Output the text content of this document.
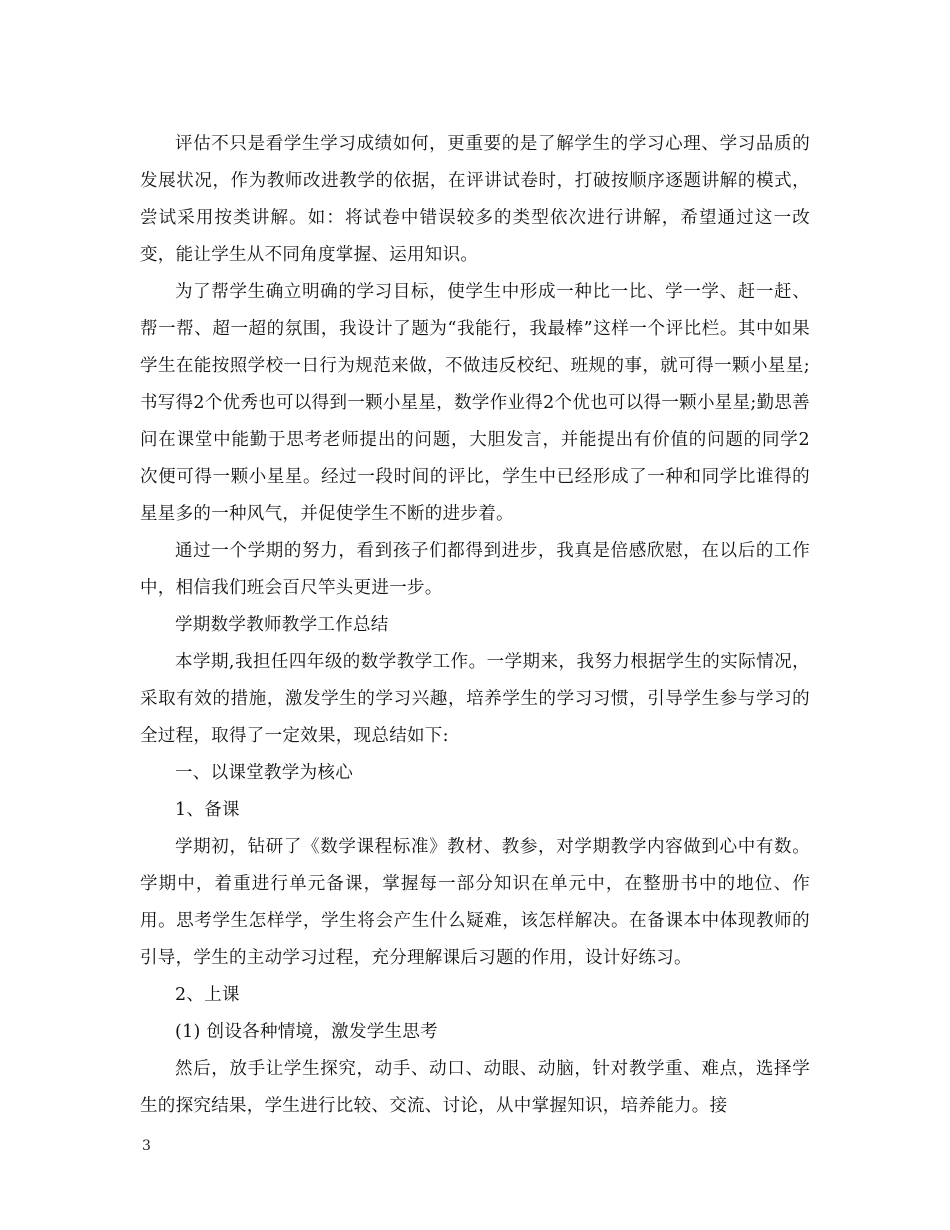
评估不只是看学生学习成绩如何，更重要的是了解学生的学习心理、学习品质的发展状况，作为教师改进教学的依据，在评讲试卷时，打破按顺序逐题讲解的模式，尝试采用按类讲解。如：将试卷中错误较多的类型依次进行讲解，希望通过这一改变，能让学生从不同角度掌握、运用知识。

为了帮学生确立明确的学习目标，使学生中形成一种比一比、学一学、赶一赶、帮一帮、超一超的氛围，我设计了题为“我能行，我最棒”这样一个评比栏。其中如果学生在能按照学校一日行为规范来做，不做违反校纪、班规的事，就可得一颗小星星;书写得2个优秀也可以得到一颗小星星，数学作业得2个优也可以得一颗小星星;勤思善问在课堂中能勤于思考老师提出的问题，大胆发言，并能提出有价值的问题的同学2次便可得一颗小星星。经过一段时间的评比，学生中已经形成了一种和同学比谁得的星星多的一种风气，并促使学生不断的进步着。

通过一个学期的努力，看到孩子们都得到进步，我真是倍感欣慰，在以后的工作中，相信我们班会百尺竿头更进一步。

学期数学教师教学工作总结

本学期,我担任四年级的数学教学工作。一学期来，我努力根据学生的实际情况，采取有效的措施，激发学生的学习兴趣，培养学生的学习习惯，引导学生参与学习的全过程，取得了一定效果，现总结如下:

一、以课堂教学为核心

1、备课

学期初，钻研了《数学课程标准》教材、教参，对学期教学内容做到心中有数。学期中，着重进行单元备课，掌握每一部分知识在单元中，在整册书中的地位、作用。思考学生怎样学，学生将会产生什么疑难，该怎样解决。在备课本中体现教师的引导，学生的主动学习过程，充分理解课后习题的作用，设计好练习。

2、上课

(1) 创设各种情境，激发学生思考

然后，放手让学生探究，动手、动口、动眼、动脑，针对教学重、难点，选择学生的探究结果，学生进行比较、交流、讨论，从中掌握知识，培养能力。接

3
